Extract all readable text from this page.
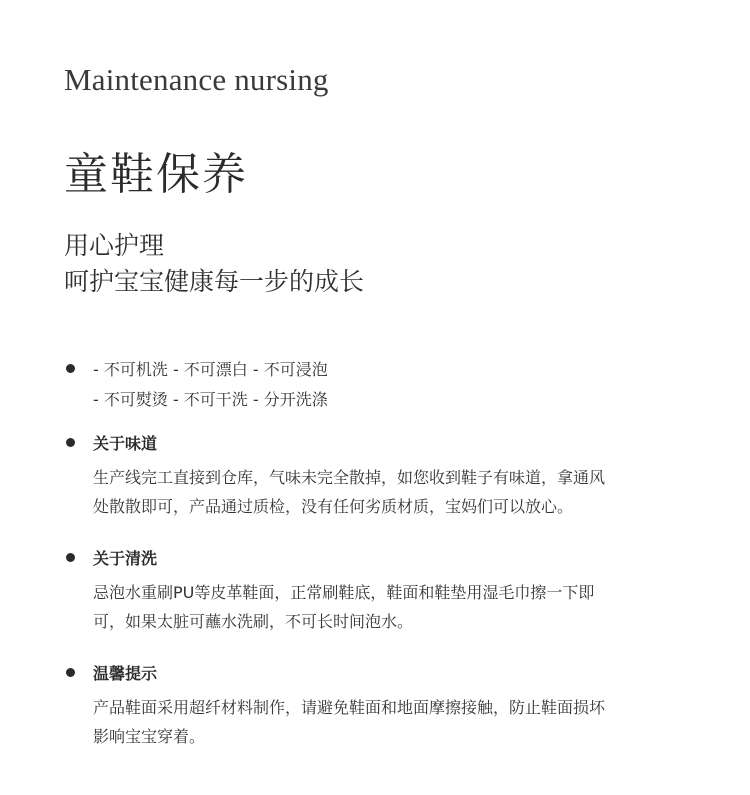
Maintenance nursing
童鞋保养
用心护理
呵护宝宝健康每一步的成长
- 不可机洗 - 不可漂白 - 不可浸泡
- 不可熨烫 - 不可干洗 - 分开洗涤
关于味道
生产线完工直接到仓库，气味未完全散掉，如您收到鞋子有味道，拿通风
处散散即可，产品通过质检，没有任何劣质材质，宝妈们可以放心。
关于清洗
忌泡水重刷PU等皮革鞋面，正常刷鞋底，鞋面和鞋垫用湿毛巾擦一下即
可，如果太脏可蘸水洗刷，不可长时间泡水。
温馨提示
产品鞋面采用超纤材料制作，请避免鞋面和地面摩擦接触，防止鞋面损坏
影响宝宝穿着。
